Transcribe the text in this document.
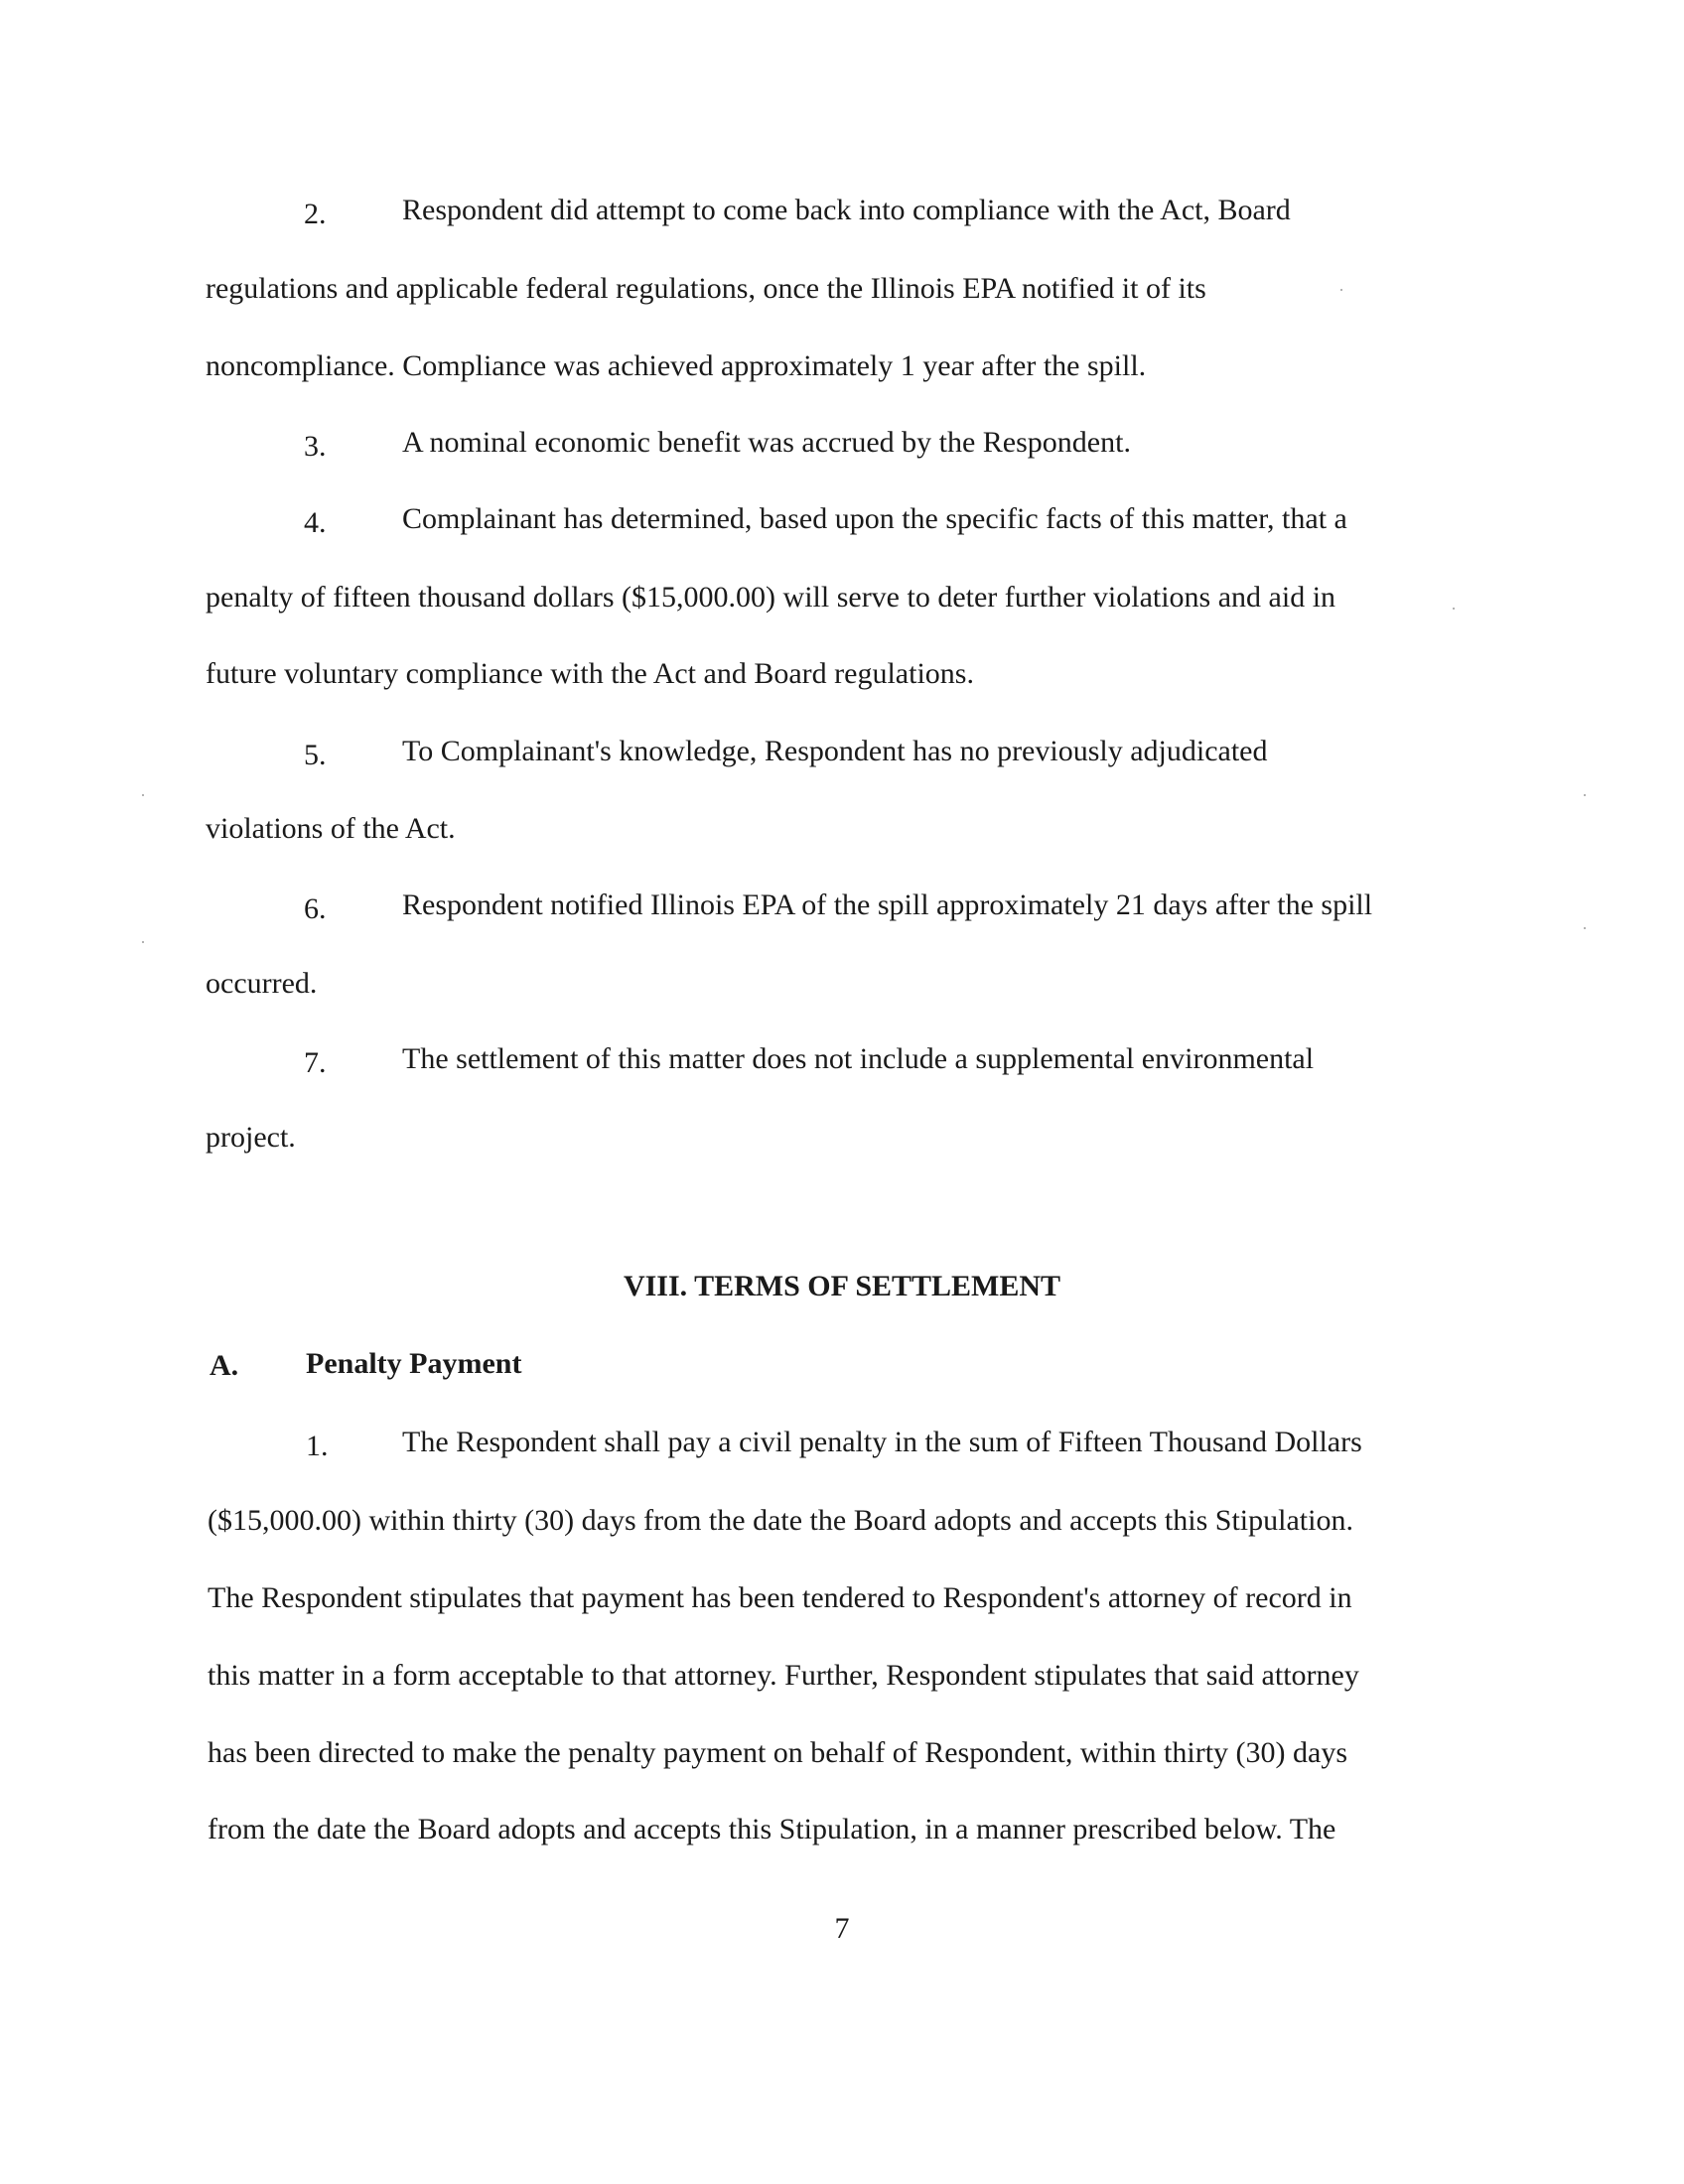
2.	Respondent did attempt to come back into compliance with the Act, Board
regulations and applicable federal regulations, once the Illinois EPA notified it of its
noncompliance. Compliance was achieved approximately 1 year after the spill.
3.	A nominal economic benefit was accrued by the Respondent.
4.	Complainant has determined, based upon the specific facts of this matter, that a
penalty of fifteen thousand dollars ($15,000.00) will serve to deter further violations and aid in
future voluntary compliance with the Act and Board regulations.
5.	To Complainant's knowledge, Respondent has no previously adjudicated
violations of the Act.
6.	Respondent notified Illinois EPA of the spill approximately 21 days after the spill
occurred.
7.	The settlement of this matter does not include a supplemental environmental
project.
VIII. TERMS OF SETTLEMENT
A. Penalty Payment
1. The Respondent shall pay a civil penalty in the sum of Fifteen Thousand Dollars
($15,000.00) within thirty (30) days from the date the Board adopts and accepts this Stipulation.
The Respondent stipulates that payment has been tendered to Respondent's attorney of record in
this matter in a form acceptable to that attorney. Further, Respondent stipulates that said attorney
has been directed to make the penalty payment on behalf of Respondent, within thirty (30) days
from the date the Board adopts and accepts this Stipulation, in a manner prescribed below. The
7
